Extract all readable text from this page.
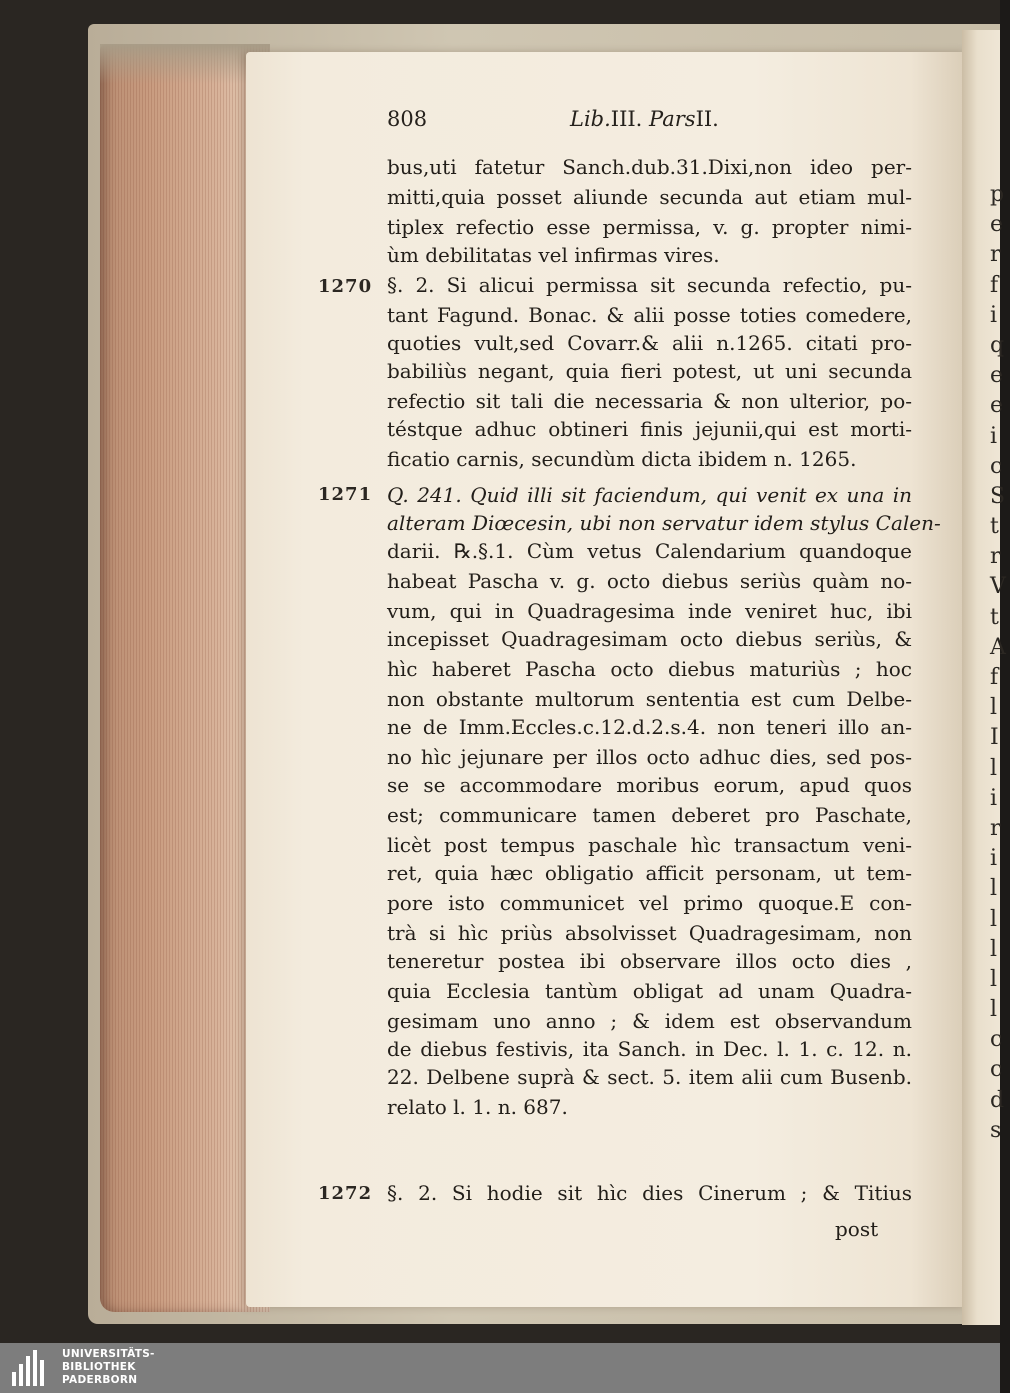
p
e
r
f
i
q
e
e
i
c
S
t
r
V
t
A
f
l
I
l
i
r
i
l
l
l
l
l
c
c
d
s
808	Lib.III. ParsII.
1270
1271
1272
bus,uti fatetur Sanch.dub.31.Dixi,non ideo per-
mitti,quia posset aliunde secunda aut etiam mul-
tiplex refectio esse permissa, v. g. propter nimi-
ùm debilitatas vel infirmas vires.
§. 2. Si alicui permissa sit secunda refectio, pu-
tant Fagund. Bonac. & alii posse toties comedere,
quoties vult,sed Covarr.& alii n.1265. citati pro-
babiliùs negant, quia fieri potest, ut uni secunda
refectio sit tali die necessaria & non ulterior, po-
téstque adhuc obtineri finis jejunii,qui est morti-
ficatio carnis, secundùm dicta ibidem n. 1265.
Q. 241. Quid illi sit faciendum, qui venit ex una in
alteram Diœcesin, ubi non servatur idem stylus Calen-
darii. ℞.§.1. Cùm vetus Calendarium quandoque
habeat Pascha v. g. octo diebus seriùs quàm no-
vum, qui in Quadragesima inde veniret huc, ibi
incepisset Quadragesimam octo diebus seriùs, &
hìc haberet Pascha octo diebus maturiùs ; hoc
non obstante multorum sententia est cum Delbe-
ne de Imm.Eccles.c.12.d.2.s.4. non teneri illo an-
no hìc jejunare per illos octo adhuc dies, sed pos-
se se accommodare moribus eorum, apud quos
est; communicare tamen deberet pro Paschate,
licèt post tempus paschale hìc transactum veni-
ret, quia hæc obligatio afficit personam, ut tem-
pore isto communicet vel primo quoque.E con-
trà si hìc priùs absolvisset Quadragesimam, non
teneretur postea ibi observare illos octo dies ,
quia Ecclesia tantùm obligat ad unam Quadra-
gesimam uno anno ; & idem est observandum
de diebus festivis, ita Sanch. in Dec. l. 1. c. 12. n.
22. Delbene suprà & sect. 5. item alii cum Busenb.
relato l. 1. n. 687.
§. 2. Si hodie sit hìc dies Cinerum ; & Titius
post
UNIVERSITÄTS-
BIBLIOTHEK
PADERBORN
